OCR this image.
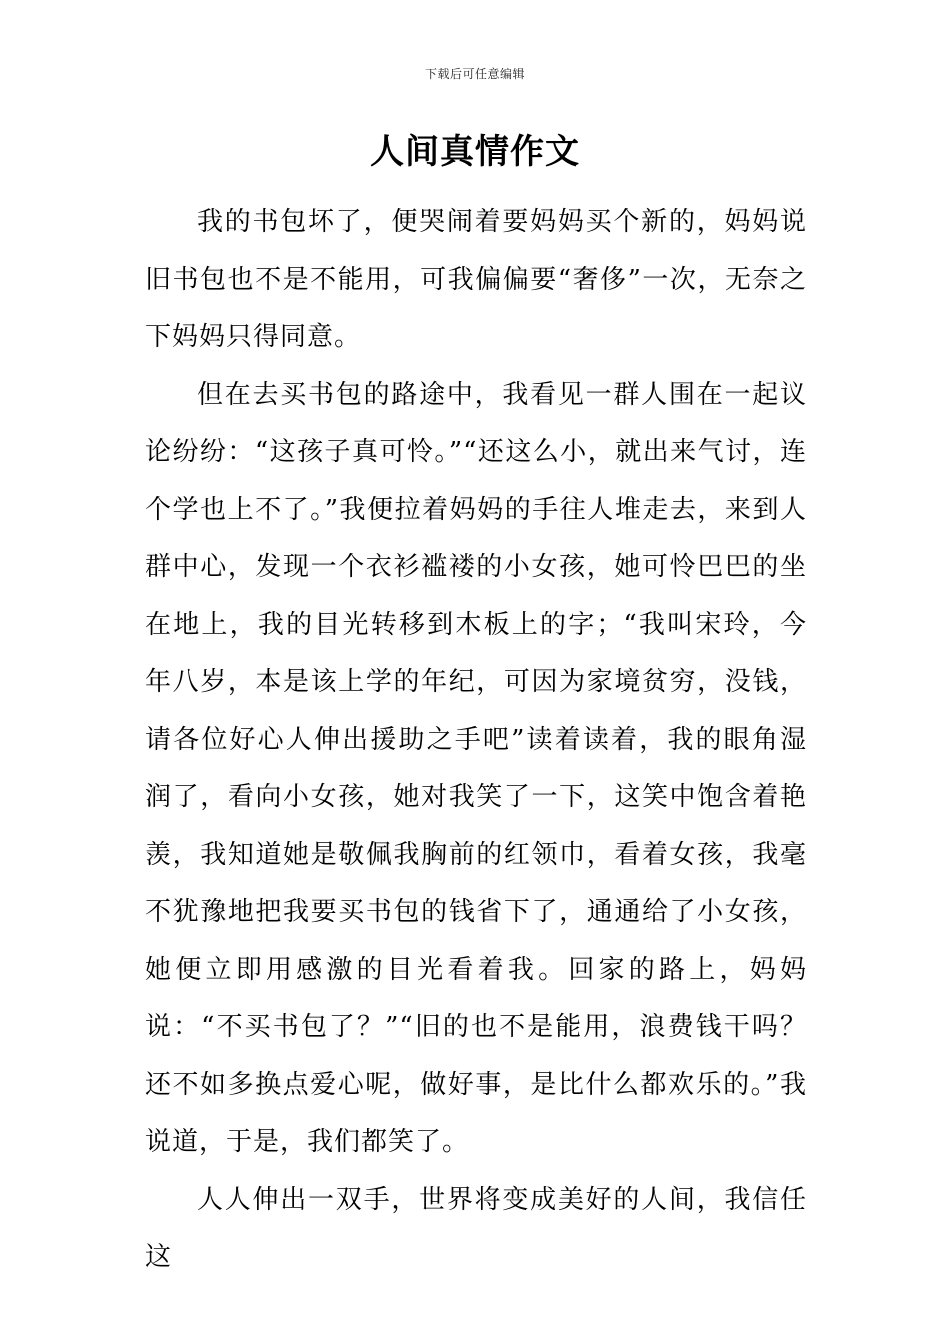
下载后可任意编辑
人间真情作文

我的书包坏了，便哭闹着要妈妈买个新的，妈妈说旧书包也不是不能用，可我偏偏要“奢侈”一次，无奈之下妈妈只得同意。

但在去买书包的路途中，我看见一群人围在一起议论纷纷：“这孩子真可怜。”“还这么小，就出来气讨，连个学也上不了。”我便拉着妈妈的手往人堆走去，来到人群中心，发现一个衣衫褴褛的小女孩，她可怜巴巴的坐在地上，我的目光转移到木板上的字；“我叫宋玲，今年八岁，本是该上学的年纪，可因为家境贫穷，没钱，请各位好心人伸出援助之手吧”读着读着，我的眼角湿润了，看向小女孩，她对我笑了一下，这笑中饱含着艳羡，我知道她是敬佩我胸前的红领巾，看着女孩，我毫不犹豫地把我要买书包的钱省下了，通通给了小女孩，她便立即用感激的目光看着我。回家的路上，妈妈说：“不买书包了？”“旧的也不是能用，浪费钱干吗？还不如多换点爱心呢，做好事，是比什么都欢乐的。”我说道，于是，我们都笑了。

人人伸出一双手，世界将变成美好的人间，我信任这
